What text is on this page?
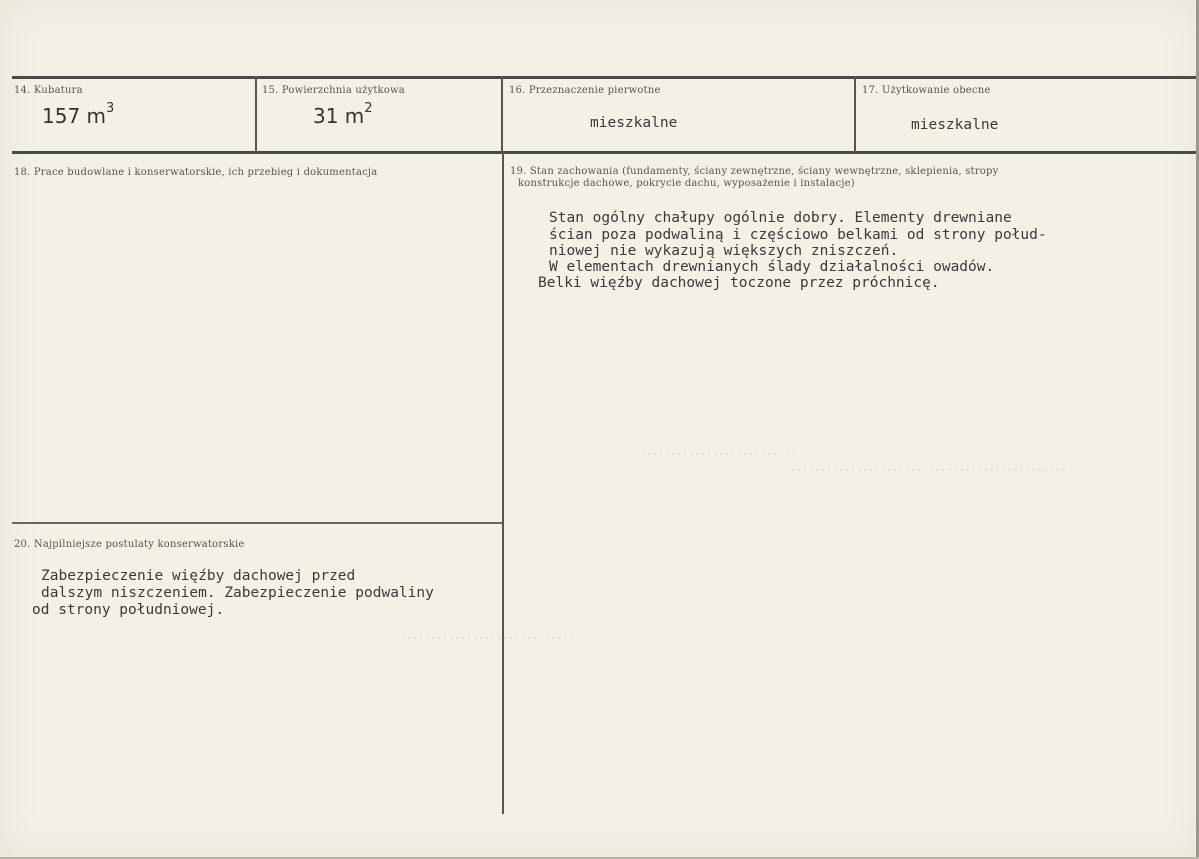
14. Kubatura
157 $m^3$
15. Powierzchnia użytkowa
31 $m^2$
16. Przeznaczenie pierwotne
mieszkalne
17. Użytkowanie obecne
mieszkalne
18. Prace budowlane i konserwatorskie, ich przebieg i dokumentacja	19. Stan zachowania (fundamenty, ściany zewnętrzne, ściany wewnętrzne, sklepienia, stropy
konstrukcje dachowe, pokrycie dachu, wyposażenie i instalacje)
Stan ogólny chałupy ogólnie dobry. Elementy drewniane
ścian poza podwaliną i częściowo belkami od strony połud-
niowej nie wykazują większych zniszczeń.
W elementach drewnianych ślady działalności owadów.
Belki więźby dachowej toczone przez próchnicę.
..........................
..............................................
..............................
20. Najpilniejsze postulaty konserwatorskie
Zabezpieczenie więźby dachowej przed
dalszym niszczeniem. Zabezpieczenie podwaliny
od strony południowej.
